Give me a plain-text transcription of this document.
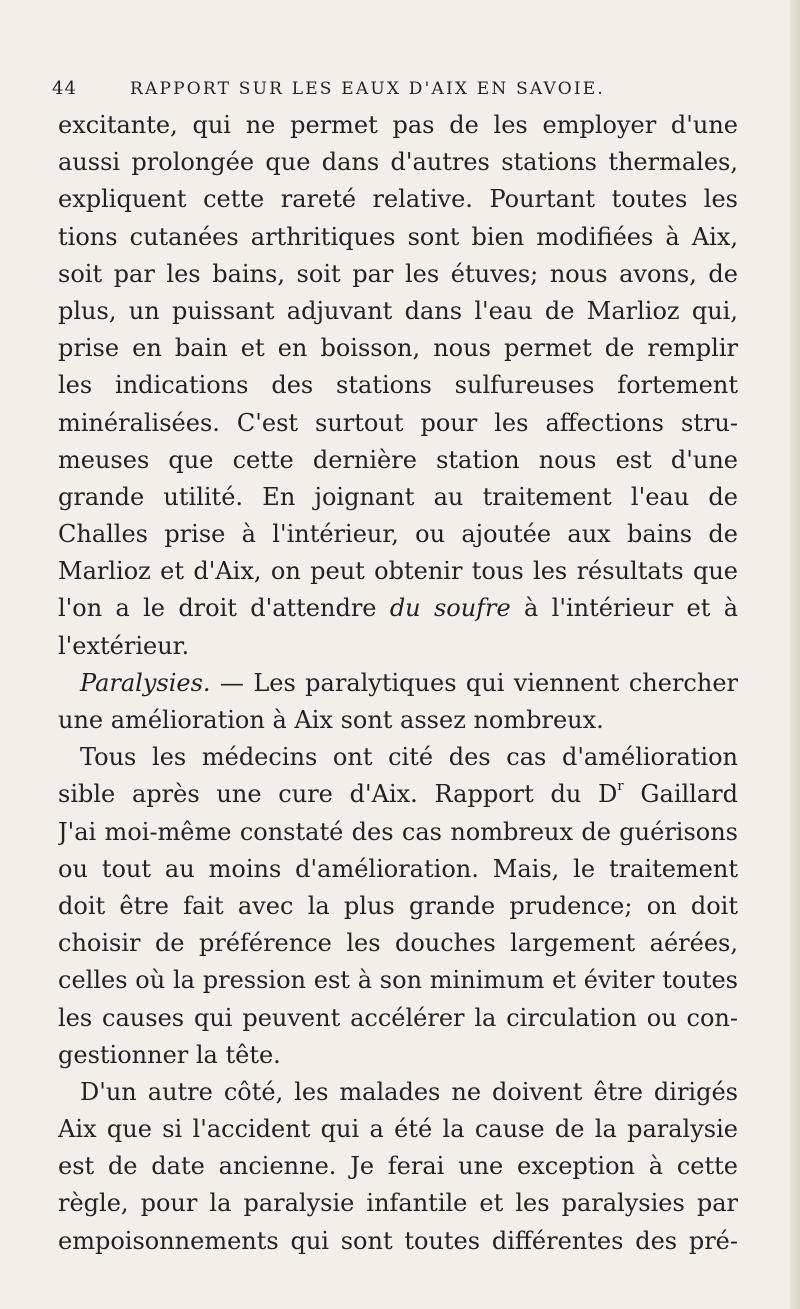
44	RAPPORT SUR LES EAUX D'AIX EN SAVOIE.
excitante, qui ne permet pas de les employer d'une
aussi prolongée que dans d'autres stations thermales,
expliquent cette rareté relative. Pourtant toutes les
tions cutanées arthritiques sont bien modifiées à Aix,
soit par les bains, soit par les étuves; nous avons, de
plus, un puissant adjuvant dans l'eau de Marlioz qui,
prise en bain et en boisson, nous permet de remplir
les indications des stations sulfureuses fortement
minéralisées. C'est surtout pour les affections stru-
meuses que cette dernière station nous est d'une
grande utilité. En joignant au traitement l'eau de
Challes prise à l'intérieur, ou ajoutée aux bains de
Marlioz et d'Aix, on peut obtenir tous les résultats que
l'on a le droit d'attendre du soufre à l'intérieur et à
l'extérieur.
Paralysies. — Les paralytiques qui viennent chercher
une amélioration à Aix sont assez nombreux.
Tous les médecins ont cité des cas d'amélioration
sible après une cure d'Aix. Rapport du $D^r$ Gaillard
J'ai moi-même constaté des cas nombreux de guérisons
ou tout au moins d'amélioration. Mais, le traitement
doit être fait avec la plus grande prudence; on doit
choisir de préférence les douches largement aérées,
celles où la pression est à son minimum et éviter toutes
les causes qui peuvent accélérer la circulation ou con-
gestionner la tête.
D'un autre côté, les malades ne doivent être dirigés
Aix que si l'accident qui a été la cause de la paralysie
est de date ancienne. Je ferai une exception à cette
règle, pour la paralysie infantile et les paralysies par
empoisonnements qui sont toutes différentes des pré-
